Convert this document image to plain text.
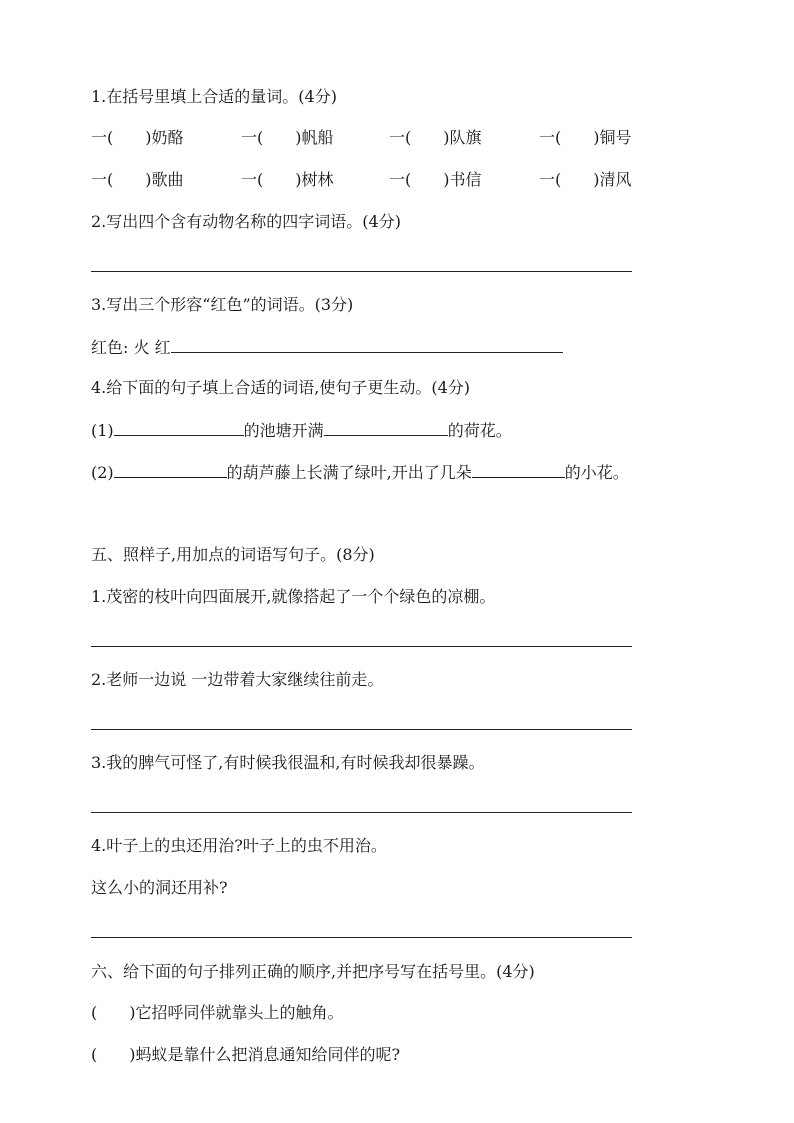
1.在括号里填上合适的量词。(4分)
一(　　)奶酪	一(　　)帆船	一(　　)队旗	一(　　)铜号
一(　　)歌曲	一(　　)树林	一(　　)书信	一(　　)清风
2.写出四个含有动物名称的四字词语。(4分)
3.写出三个形容“红色”的词语。(3分)
红色: 火 红
4.给下面的句子填上合适的词语,使句子更生动。(4分)
(1)	的池塘开满	的荷花。
(2)	的葫芦藤上长满了绿叶,开出了几朵	的小花。
五、照样子,用加点的词语写句子。(8分)
1.茂密的枝叶向四面展开,就像搭起了一个个绿色的凉棚。
2.老师一边说 一边带着大家继续往前走。
3.我的脾气可怪了,有时候我很温和,有时候我却很暴躁。
4.叶子上的虫还用治?叶子上的虫不用治。
这么小的洞还用补?
六、给下面的句子排列正确的顺序,并把序号写在括号里。(4分)
(　　)它招呼同伴就靠头上的触角。
(　　)蚂蚁是靠什么把消息通知给同伴的呢?
